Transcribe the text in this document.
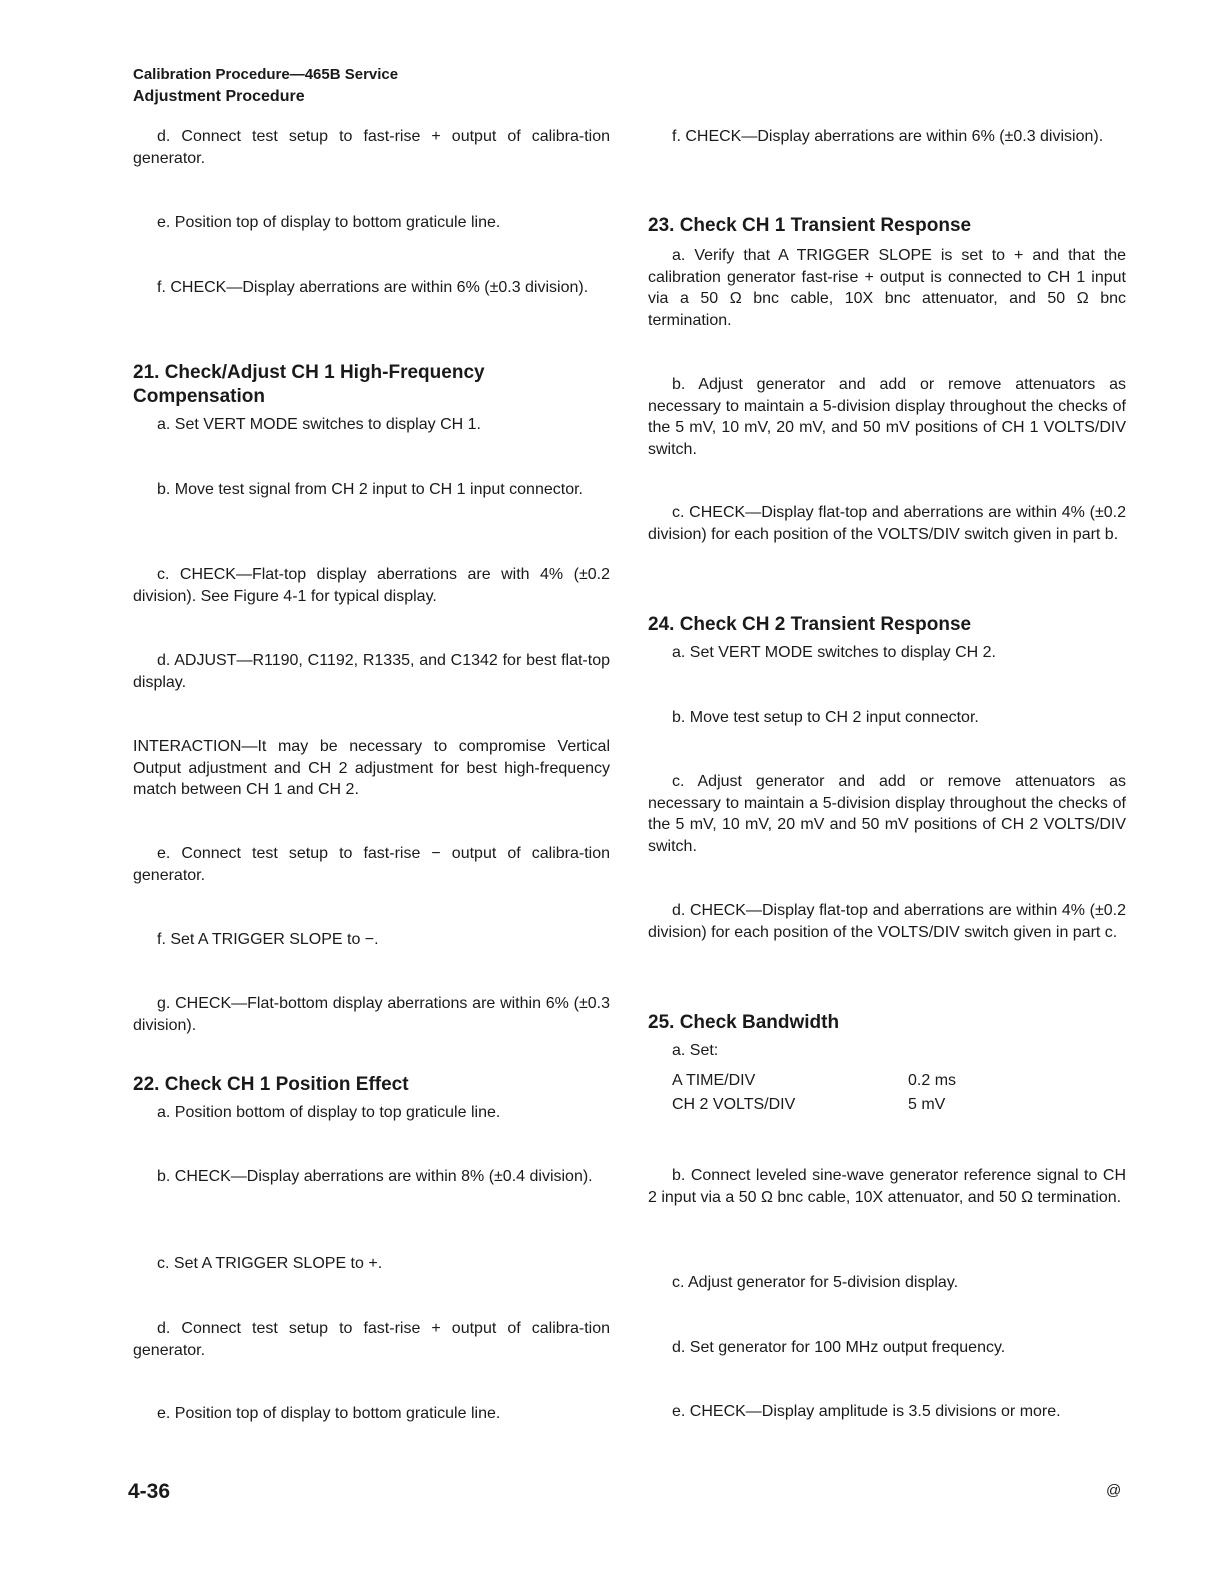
Calibration Procedure—465B Service
Adjustment Procedure

d. Connect test setup to fast-rise + output of calibra-tion generator.

e. Position top of display to bottom graticule line.

f. CHECK—Display aberrations are within 6% (±0.3 division).

21. Check/Adjust CH 1 High-Frequency Compensation

a. Set VERT MODE switches to display CH 1.

b. Move test signal from CH 2 input to CH 1 input connector.

c. CHECK—Flat-top display aberrations are with 4% (±0.2 division). See Figure 4-1 for typical display.

d. ADJUST—R1190, C1192, R1335, and C1342 for best flat-top display.

INTERACTION—It may be necessary to compromise Vertical Output adjustment and CH 2 adjustment for best high-frequency match between CH 1 and CH 2.

e. Connect test setup to fast-rise − output of calibra-tion generator.

f. Set A TRIGGER SLOPE to −.

g. CHECK—Flat-bottom display aberrations are within 6% (±0.3 division).

22. Check CH 1 Position Effect

a. Position bottom of display to top graticule line.

b. CHECK—Display aberrations are within 8% (±0.4 division).

c. Set A TRIGGER SLOPE to +.

d. Connect test setup to fast-rise + output of calibra-tion generator.

e. Position top of display to bottom graticule line.

f. CHECK—Display aberrations are within 6% (±0.3 division).

23. Check CH 1 Transient Response

a. Verify that A TRIGGER SLOPE is set to + and that the calibration generator fast-rise + output is connected to CH 1 input via a 50 Ω bnc cable, 10X bnc attenuator, and 50 Ω bnc termination.

b. Adjust generator and add or remove attenuators as necessary to maintain a 5-division display throughout the checks of the 5 mV, 10 mV, 20 mV, and 50 mV positions of CH 1 VOLTS/DIV switch.

c. CHECK—Display flat-top and aberrations are within 4% (±0.2 division) for each position of the VOLTS/DIV switch given in part b.

24. Check CH 2 Transient Response

a. Set VERT MODE switches to display CH 2.

b. Move test setup to CH 2 input connector.

c. Adjust generator and add or remove attenuators as necessary to maintain a 5-division display throughout the checks of the 5 mV, 10 mV, 20 mV and 50 mV positions of CH 2 VOLTS/DIV switch.

d. CHECK—Display flat-top and aberrations are within 4% (±0.2 division) for each position of the VOLTS/DIV switch given in part c.

25. Check Bandwidth

a. Set:

A TIME/DIV	0.2 ms
CH 2 VOLTS/DIV	5 mV

b. Connect leveled sine-wave generator reference signal to CH 2 input via a 50 Ω bnc cable, 10X attenuator, and 50 Ω termination.

c. Adjust generator for 5-division display.

d. Set generator for 100 MHz output frequency.

e. CHECK—Display amplitude is 3.5 divisions or more.

4-36	@
